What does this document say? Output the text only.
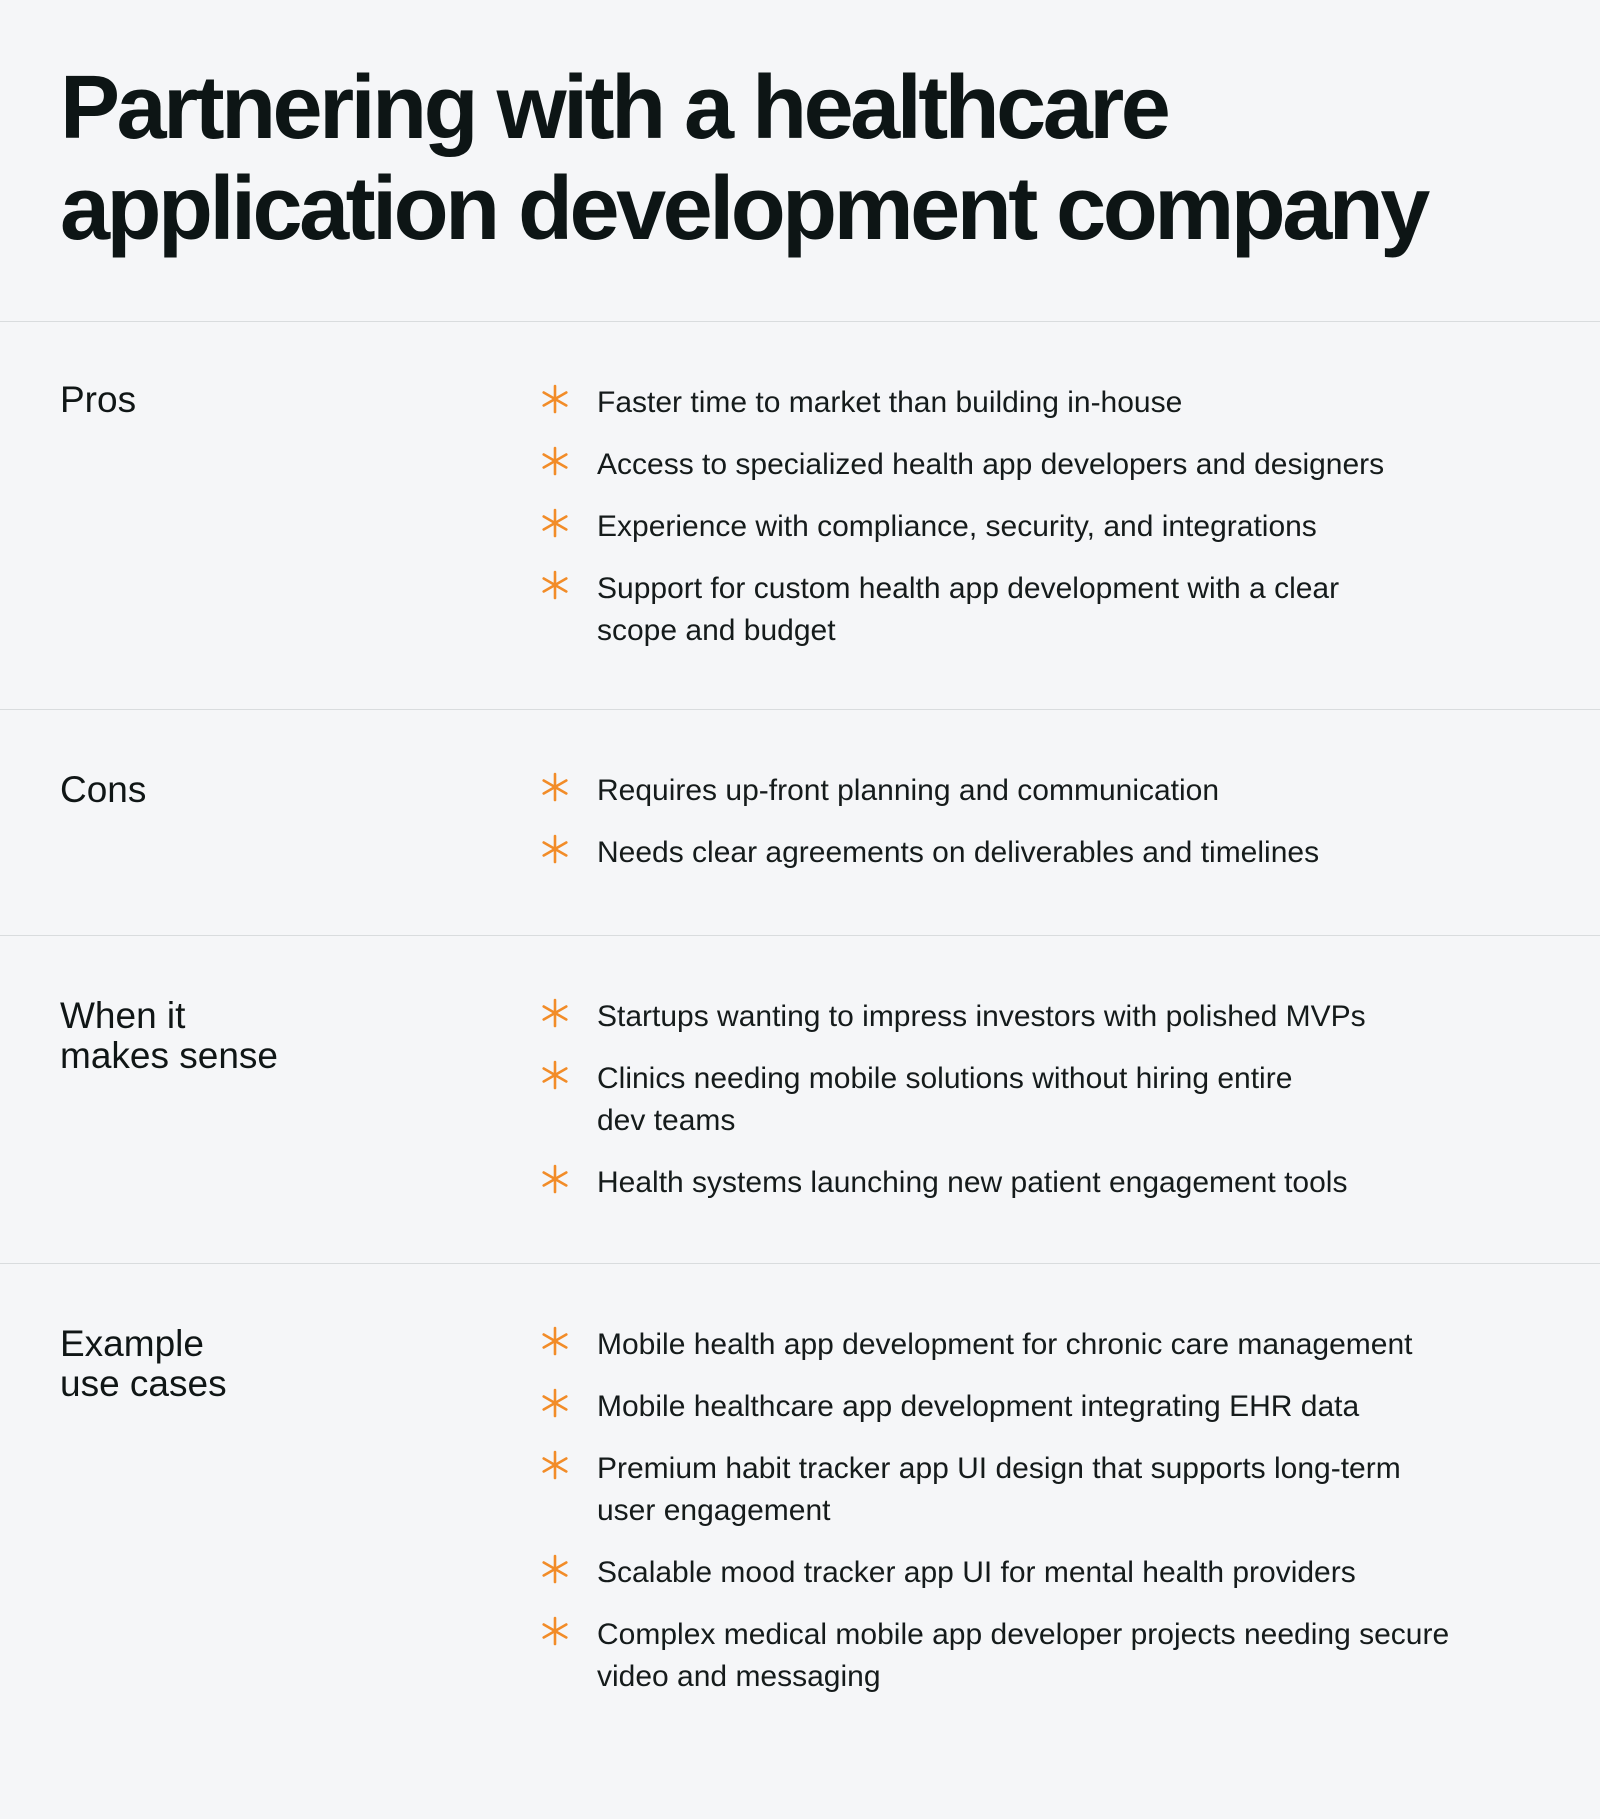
Partnering with a healthcare
application development company
Pros	Faster time to market than building in-house
Access to specialized health app developers and designers
Experience with compliance, security, and integrations
Support for custom health app development with a clear scope and budget
Cons	Requires up-front planning and communication
Needs clear agreements on deliverables and timelines
When it
makes sense
Startups wanting to impress investors with polished MVPs
Clinics needing mobile solutions without hiring entire dev teams
Health systems launching new patient engagement tools
Example
use cases
Mobile health app development for chronic care management
Mobile healthcare app development integrating EHR data
Premium habit tracker app UI design that supports long-term user engagement
Scalable mood tracker app UI for mental health providers
Complex medical mobile app developer projects needing secure video and messaging
